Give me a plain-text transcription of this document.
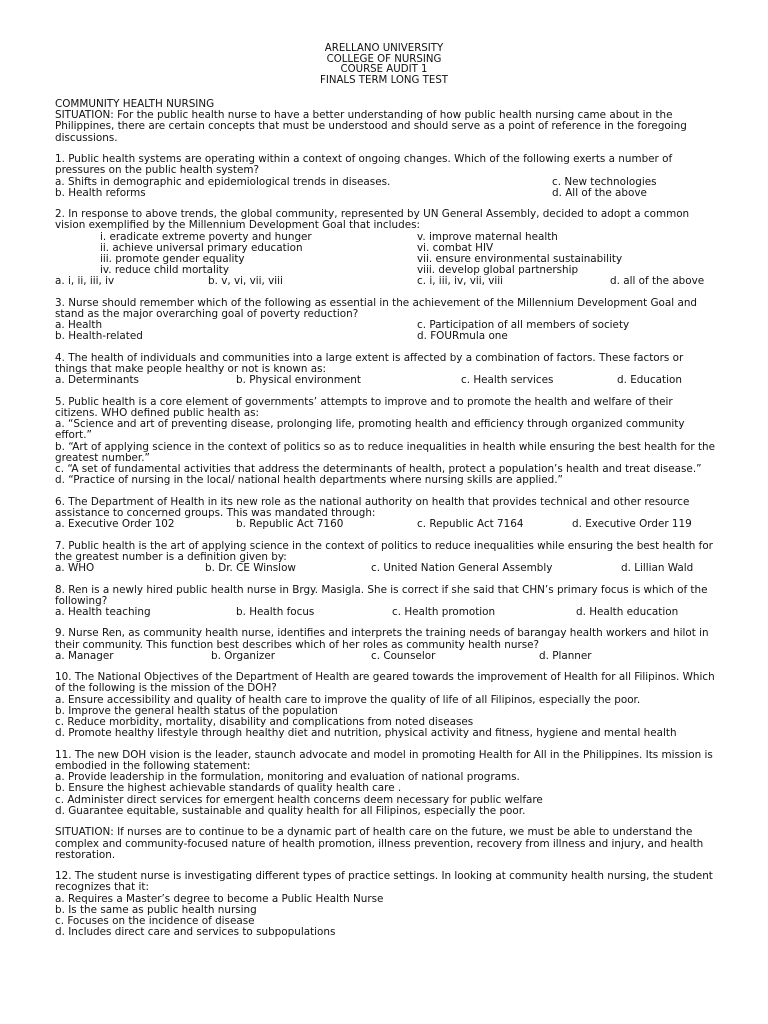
ARELLANO UNIVERSITY
COLLEGE OF NURSING
COURSE AUDIT 1
FINALS TERM LONG TEST
COMMUNITY HEALTH NURSING
SITUATION: For the public health nurse to have a better understanding of how public health nursing came about in the Philippines, there are certain concepts that must be understood and should serve as a point of reference in the foregoing discussions.
1. Public health systems are operating within a context of ongoing changes. Which of the following exerts a number of pressures on the public health system?
a. Shifts in demographic and epidemiological trends in diseases.	c. New technologies
b. Health reforms	d. All of the above
2. In response to above trends, the global community, represented by UN General Assembly, decided to adopt a common vision exemplified by the Millennium Development Goal that includes:
i. eradicate extreme poverty and hunger	v. improve maternal health
ii. achieve universal primary education	vi. combat HIV
iii. promote gender equality	vii. ensure environmental sustainability
iv. reduce child mortality	viii. develop global partnership
a. i, ii, iii, iv	b. v, vi, vii, viii	c. i, iii, iv, vii, viii	d. all of the above
3. Nurse should remember which of the following as essential in the achievement of the Millennium Development Goal and stand as the major overarching goal of poverty reduction?
a. Health	c. Participation of all members of society
b. Health-related	d. FOURmula one
4. The health of individuals and communities into a large extent is affected by a combination of factors. These factors or things that make people healthy or not is known as:
a. Determinants	b. Physical environment	c. Health services	d. Education
5. Public health is a core element of governments’ attempts to improve and to promote the health and welfare of their citizens. WHO defined public health as:
a. “Science and art of preventing disease, prolonging life, promoting health and efficiency through organized community effort.”
b. “Art of applying science in the context of politics so as to reduce inequalities in health while ensuring the best health for the greatest number.”
c. “A set of fundamental activities that address the determinants of health, protect a population’s health and treat disease.”
d. “Practice of nursing in the local/ national health departments where nursing skills are applied.”
6. The Department of Health in its new role as the national authority on health that provides technical and other resource assistance to concerned groups. This was mandated through:
a. Executive Order 102	b. Republic Act 7160	c. Republic Act 7164	d. Executive Order 119
7. Public health is the art of applying science in the context of politics to reduce inequalities while ensuring the best health for the greatest number is a definition given by:
a. WHO	b. Dr. CE Winslow	c. United Nation General Assembly	d. Lillian Wald
8. Ren is a newly hired public health nurse in Brgy. Masigla. She is correct if she said that CHN’s primary focus is which of the following?
a. Health teaching	b. Health focus	c. Health promotion	d. Health education
9. Nurse Ren, as community health nurse, identifies and interprets the training needs of barangay health workers and hilot in their community. This function best describes which of her roles as community health nurse?
a. Manager	b. Organizer	c. Counselor	d. Planner
10. The National Objectives of the Department of Health are geared towards the improvement of Health for all Filipinos. Which of the following is the mission of the DOH?
a. Ensure accessibility and quality of health care to improve the quality of life of all Filipinos, especially the poor.
b. Improve the general health status of the population
c. Reduce morbidity, mortality, disability and complications from noted diseases
d. Promote healthy lifestyle through healthy diet and nutrition, physical activity and fitness, hygiene and mental health
11. The new DOH vision is the leader, staunch advocate and model in promoting Health for All in the Philippines. Its mission is embodied in the following statement:
a. Provide leadership in the formulation, monitoring and evaluation of national programs.
b. Ensure the highest achievable standards of quality health care .
c. Administer direct services for emergent health concerns deem necessary for public welfare
d. Guarantee equitable, sustainable and quality health for all Filipinos, especially the poor.
SITUATION: If nurses are to continue to be a dynamic part of health care on the future, we must be able to understand the complex and community-focused nature of health promotion, illness prevention, recovery from illness and injury, and health restoration.
12. The student nurse is investigating different types of practice settings. In looking at community health nursing, the student recognizes that it:
a. Requires a Master’s degree to become a Public Health Nurse
b. Is the same as public health nursing
c. Focuses on the incidence of disease
d. Includes direct care and services to subpopulations
